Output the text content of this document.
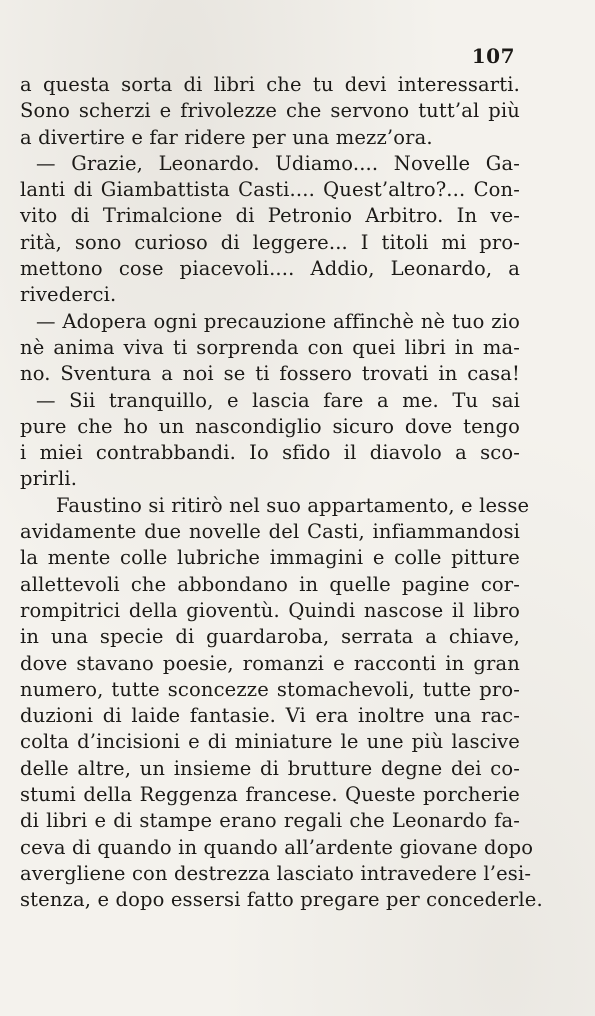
107
a questa sorta di libri che tu devi interessarti.
Sono scherzi e frivolezze che servono tutt’al più
a divertire e far ridere per una mezz’ora.
— Grazie, Leonardo. Udiamo.... Novelle Ga-
lanti di Giambattista Casti.... Quest’altro?... Con-
vito di Trimalcione di Petronio Arbitro. In ve-
rità, sono curioso di leggere... I titoli mi pro-
mettono cose piacevoli.... Addio, Leonardo, a
rivederci.
— Adopera ogni precauzione affinchè nè tuo zio
nè anima viva ti sorprenda con quei libri in ma-
no. Sventura a noi se ti fossero trovati in casa!
— Sii tranquillo, e lascia fare a me. Tu sai
pure che ho un nascondiglio sicuro dove tengo
i miei contrabbandi. Io sfido il diavolo a sco-
prirli.
Faustino si ritirò nel suo appartamento, e lesse
avidamente due novelle del Casti, infiammandosi
la mente colle lubriche immagini e colle pitture
allettevoli che abbondano in quelle pagine cor-
rompitrici della gioventù. Quindi nascose il libro
in una specie di guardaroba, serrata a chiave,
dove stavano poesie, romanzi e racconti in gran
numero, tutte sconcezze stomachevoli, tutte pro-
duzioni di laide fantasie. Vi era inoltre una rac-
colta d’incisioni e di miniature le une più lascive
delle altre, un insieme di brutture degne dei co-
stumi della Reggenza francese. Queste porcherie
di libri e di stampe erano regali che Leonardo fa-
ceva di quando in quando all’ardente giovane dopo
avergliene con destrezza lasciato intravedere l’esi-
stenza, e dopo essersi fatto pregare per concederle.
